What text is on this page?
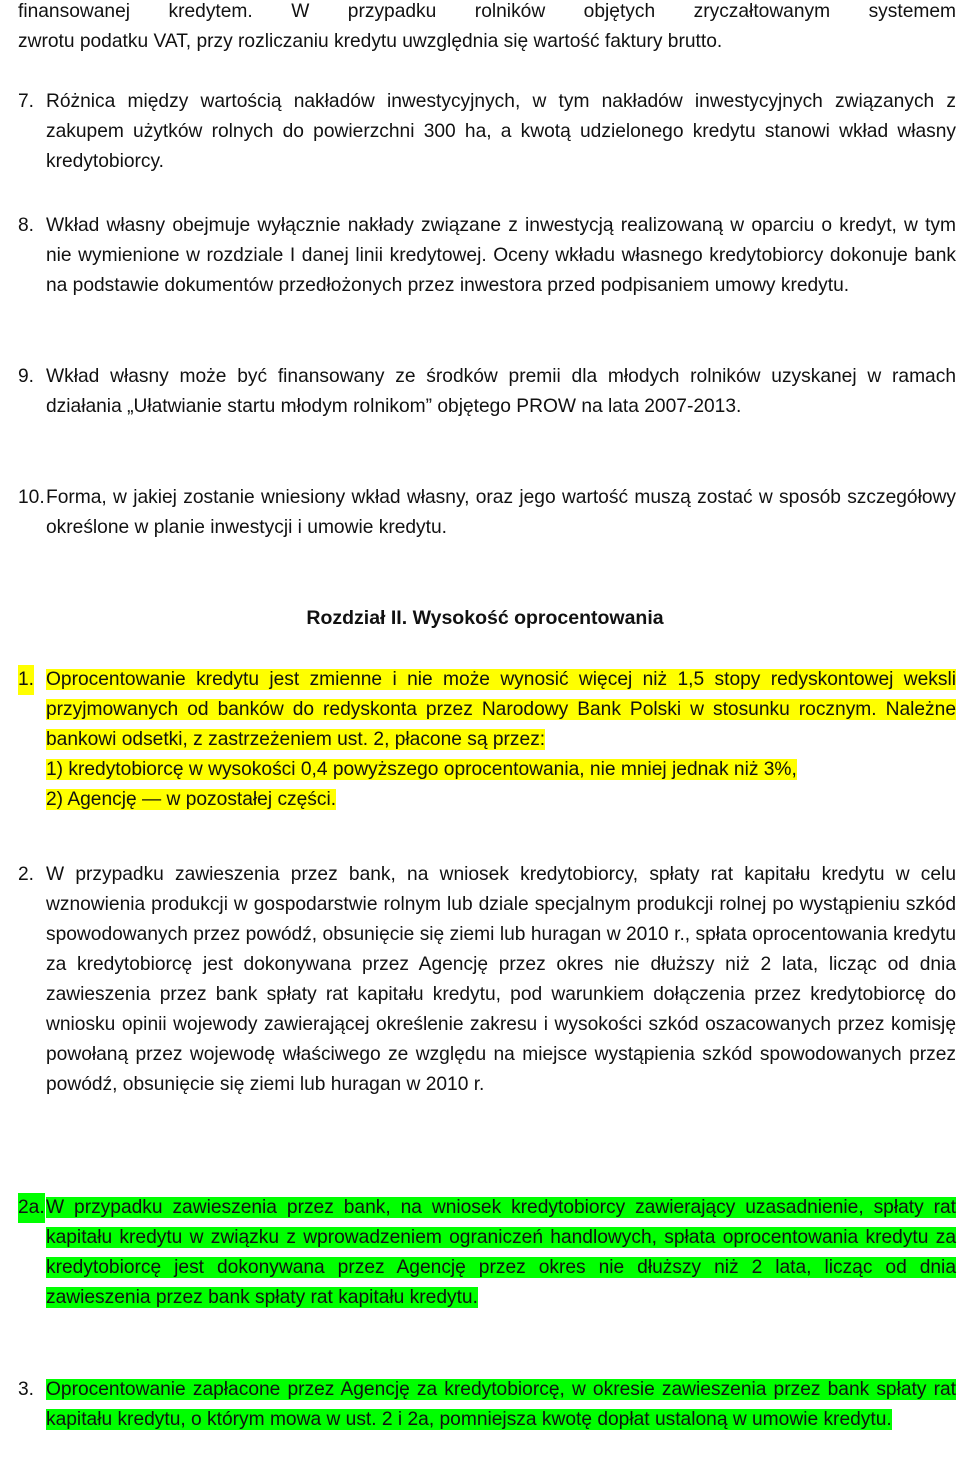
finansowanej kredytem. W przypadku rolników objętych zryczałtowanym systemem
zwrotu podatku VAT, przy rozliczaniu kredytu uwzględnia się wartość faktury brutto.
7. Różnica między wartością nakładów inwestycyjnych, w tym nakładów inwestycyjnych związanych z zakupem użytków rolnych do powierzchni 300 ha, a kwotą udzielonego kredytu stanowi wkład własny kredytobiorcy.
8. Wkład własny obejmuje wyłącznie nakłady związane z inwestycją realizowaną w oparciu o kredyt, w tym nie wymienione w rozdziale I danej linii kredytowej. Oceny wkładu własnego kredytobiorcy dokonuje bank na podstawie dokumentów przedłożonych przez inwestora przed podpisaniem umowy kredytu.
9. Wkład własny może być finansowany ze środków premii dla młodych rolników uzyskanej w ramach działania „Ułatwianie startu młodym rolnikom” objętego PROW na lata 2007-2013.
10. Forma, w jakiej zostanie wniesiony wkład własny, oraz jego wartość muszą zostać w sposób szczegółowy określone w planie inwestycji i umowie kredytu.
Rozdział II. Wysokość oprocentowania
1. Oprocentowanie kredytu jest zmienne i nie może wynosić więcej niż 1,5 stopy redyskontowej weksli przyjmowanych od banków do redyskonta przez Narodowy Bank Polski w stosunku rocznym. Należne bankowi odsetki, z zastrzeżeniem ust. 2, płacone są przez:
1) kredytobiorcę w wysokości 0,4 powyższego oprocentowania, nie mniej jednak niż 3%,
2) Agencję — w pozostałej części.
2. W przypadku zawieszenia przez bank, na wniosek kredytobiorcy, spłaty rat kapitału kredytu w celu wznowienia produkcji w gospodarstwie rolnym lub dziale specjalnym produkcji rolnej po wystąpieniu szkód spowodowanych przez powódź, obsunięcie się ziemi lub huragan w 2010 r., spłata oprocentowania kredytu za kredytobiorcę jest dokonywana przez Agencję przez okres nie dłuższy niż 2 lata, licząc od dnia zawieszenia przez bank spłaty rat kapitału kredytu, pod warunkiem dołączenia przez kredytobiorcę do wniosku opinii wojewody zawierającej określenie zakresu i wysokości szkód oszacowanych przez komisję powołaną przez wojewodę właściwego ze względu na miejsce wystąpienia szkód spowodowanych przez powódź, obsunięcie się ziemi lub huragan w 2010 r.
2a. W przypadku zawieszenia przez bank, na wniosek kredytobiorcy zawierający uzasadnienie, spłaty rat kapitału kredytu w związku z wprowadzeniem ograniczeń handlowych, spłata oprocentowania kredytu za kredytobiorcę jest dokonywana przez Agencję przez okres nie dłuższy niż 2 lata, licząc od dnia zawieszenia przez bank spłaty rat kapitału kredytu.
3. Oprocentowanie zapłacone przez Agencję za kredytobiorcę, w okresie zawieszenia przez bank spłaty rat kapitału kredytu, o którym mowa w ust. 2 i 2a, pomniejsza kwotę dopłat ustaloną w umowie kredytu.
